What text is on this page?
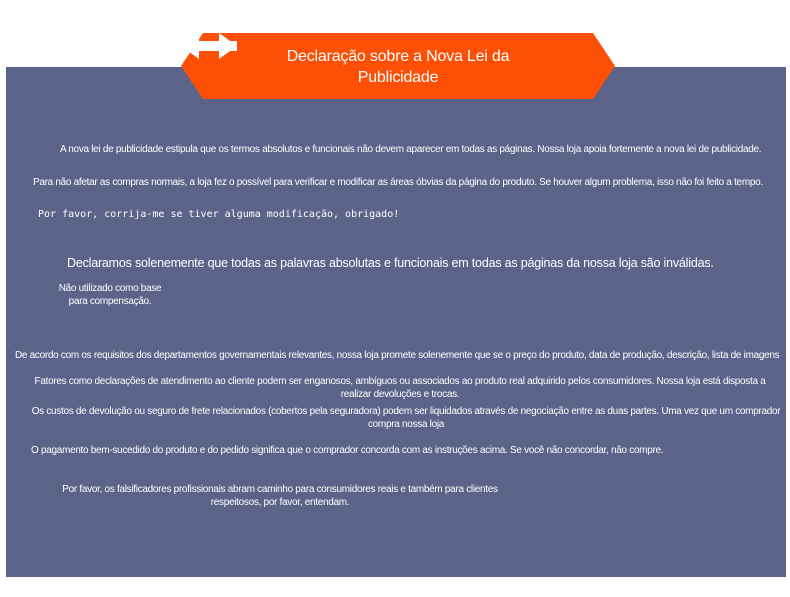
Declaração sobre a Nova Lei da Publicidade
A nova lei de publicidade estipula que os termos absolutos e funcionais não devem aparecer em todas as páginas. Nossa loja apoia fortemente a nova lei de publicidade.
Para não afetar as compras normais, a loja fez o possível para verificar e modificar as áreas óbvias da página do produto. Se houver algum problema, isso não foi feito a tempo.
Por favor, corrija-me se tiver alguma modificação, obrigado!
Declaramos solenemente que todas as palavras absolutas e funcionais em todas as páginas da nossa loja são inválidas.
Não utilizado como base para compensação.
De acordo com os requisitos dos departamentos governamentais relevantes, nossa loja promete solenemente que se o preço do produto, data de produção, descrição, lista de imagens
Fatores como declarações de atendimento ao cliente podem ser enganosos, ambíguos ou associados ao produto real adquirido pelos consumidores. Nossa loja está disposta a realizar devoluções e trocas.
Os custos de devolução ou seguro de frete relacionados (cobertos pela seguradora) podem ser liquidados através de negociação entre as duas partes. Uma vez que um comprador compra nossa loja
O pagamento bem-sucedido do produto e do pedido significa que o comprador concorda com as instruções acima. Se você não concordar, não compre.
Por favor, os falsificadores profissionais abram caminho para consumidores reais e também para clientes respeitosos, por favor, entendam.
